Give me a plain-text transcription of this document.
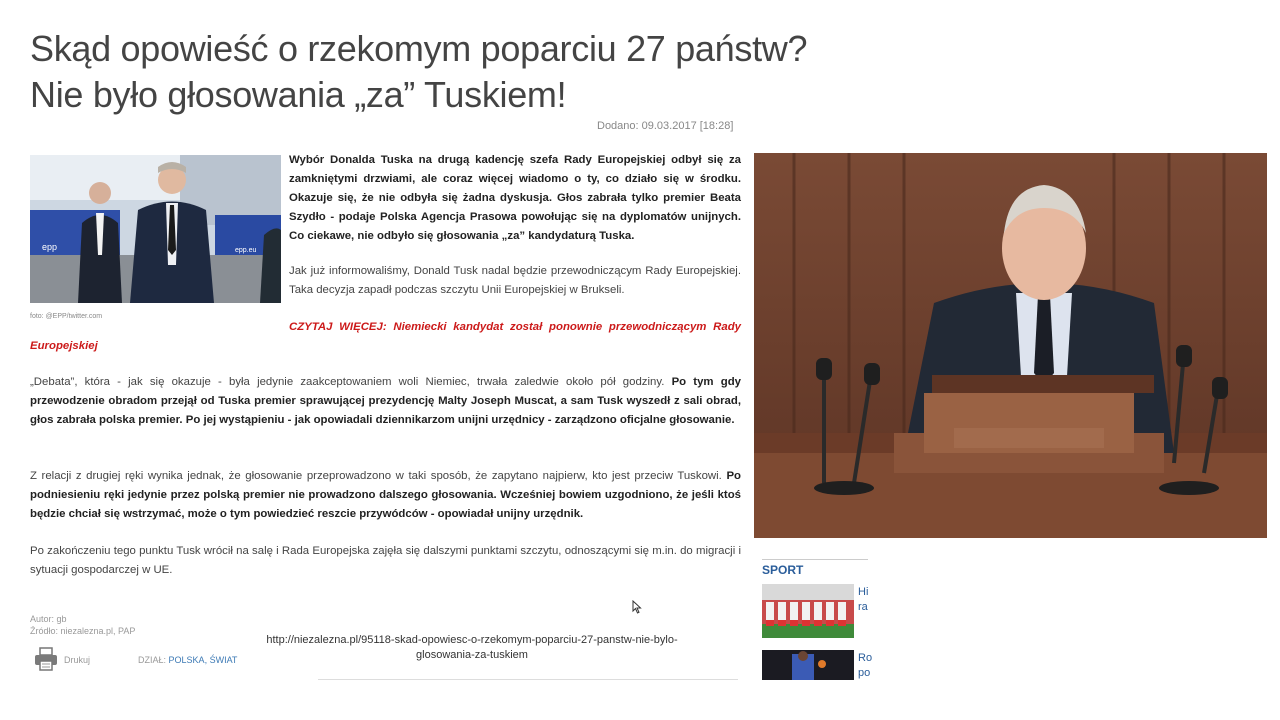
Skąd opowieść o rzekomym poparciu 27 państw?
Nie było głosowania „za” Tuskiem!
Dodano: 09.03.2017 [18:28]
epp	epp.eu
foto: @EPP/twitter.com
Wybór Donalda Tuska na drugą kadencję szefa Rady Europejskiej odbył się za zamkniętymi drzwiami, ale coraz więcej wiadomo o ty, co działo się w środku. Okazuje się, że nie odbyła się żadna dyskusja. Głos zabrała tylko premier Beata Szydło - podaje Polska Agencja Prasowa powołując się na dyplomatów unijnych. Co ciekawe, nie odbyło się głosowania „za” kandydaturą Tuska.
Jak już informowaliśmy, Donald Tusk nadal będzie przewodniczącym Rady Europejskiej. Taka decyzja zapadł podczas szczytu Unii Europejskiej w Brukseli.
CZYTAJ WIĘCEJ: Niemiecki kandydat został ponownie przewodniczącym Rady Europejskiej
„Debata”, która - jak się okazuje - była jedynie zaakceptowaniem woli Niemiec, trwała zaledwie około pół godziny. Po tym gdy przewodzenie obradom przejął od Tuska premier sprawującej prezydencję Malty Joseph Muscat, a sam Tusk wyszedł z sali obrad, głos zabrała polska premier. Po jej wystąpieniu - jak opowiadali dziennikarzom unijni urzędnicy - zarządzono oficjalne głosowanie.
Z relacji z drugiej ręki wynika jednak, że głosowanie przeprowadzono w taki sposób, że zapytano najpierw, kto jest przeciw Tuskowi. Po podniesieniu ręki jedynie przez polską premier nie prowadzono dalszego głosowania. Wcześniej bowiem uzgodniono, że jeśli ktoś będzie chciał się wstrzymać, może o tym powiedzieć reszcie przywódców - opowiadał unijny urzędnik.
Po zakończeniu tego punktu Tusk wrócił na salę i Rada Europejska zajęła się dalszymi punktami szczytu, odnoszącymi się m.in. do migracji i sytuacji gospodarczej w UE.
Autor: gb
Źródło: niezalezna.pl, PAP
Drukuj	DZIAŁ: POLSKA, ŚWIAT
http://niezalezna.pl/95118-skad-opowiesc-o-rzekomym-poparciu-27-panstw-nie-bylo-glosowania-za-tuskiem
SPORT
Hi ra
Ro po
